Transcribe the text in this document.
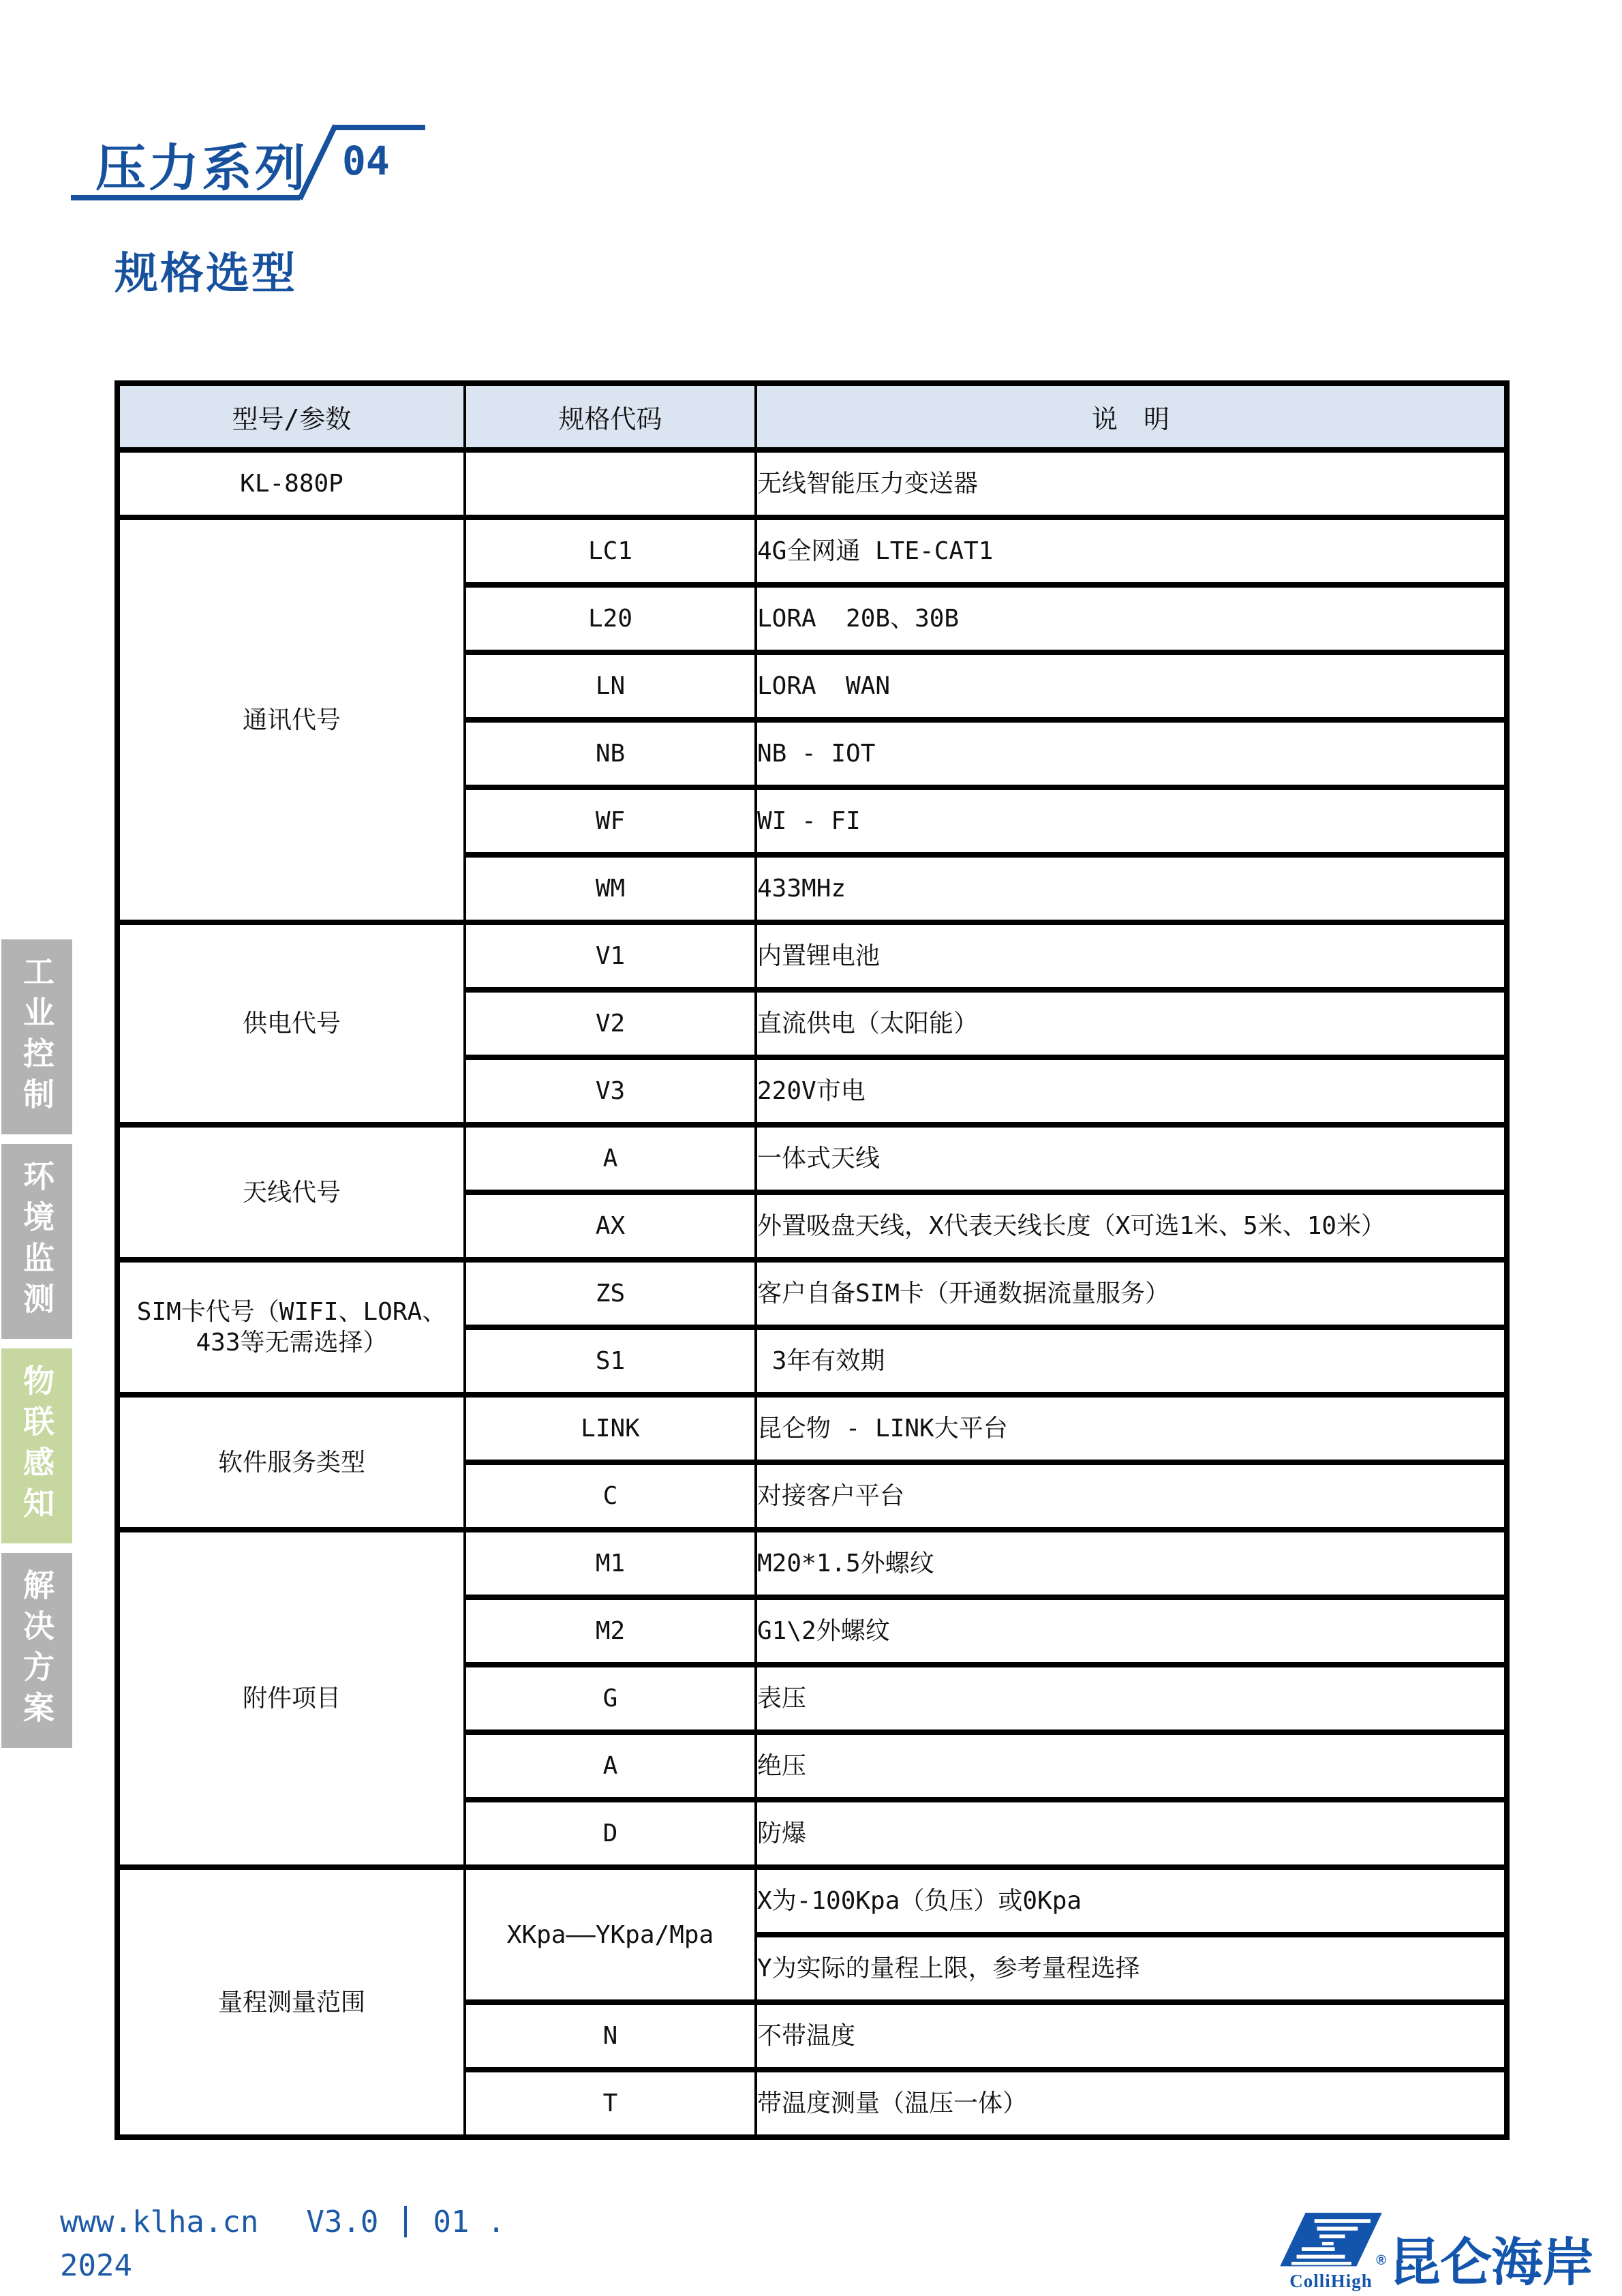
压力系列 04
规格选型
型号/参数	规格代码	说　明
KL-880P		无线智能压力变送器
通讯代号	LC1	4G全网通 LTE-CAT1
	L20	LORA  20B、30B
	LN	LORA  WAN
	NB	NB - IOT
	WF	WI - FI
	WM	433MHz
供电代号	V1	内置锂电池
	V2	直流供电（太阳能）
	V3	220V市电
天线代号	A	一体式天线
	AX	外置吸盘天线，X代表天线长度（X可选1米、5米、10米）
SIM卡代号（WIFI、LORA、433等无需选择）	ZS	客户自备SIM卡（开通数据流量服务）
	S1	3年有效期
软件服务类型	LINK	昆仑物 - LINK大平台
	C	对接客户平台
附件项目	M1	M20*1.5外螺纹
	M2	G1\2外螺纹
	G	表压
	A	绝压
	D	防爆
量程测量范围	XKpa——YKpa/Mpa	X为-100Kpa（负压）或0Kpa
		Y为实际的量程上限，参考量程选择
	N	不带温度
	T	带温度测量（温压一体）
工业控制
环境监测
物联感知
解决方案
www.klha.cn V3.0 01 .
2024	®
ColliHigh 昆仑海岸
